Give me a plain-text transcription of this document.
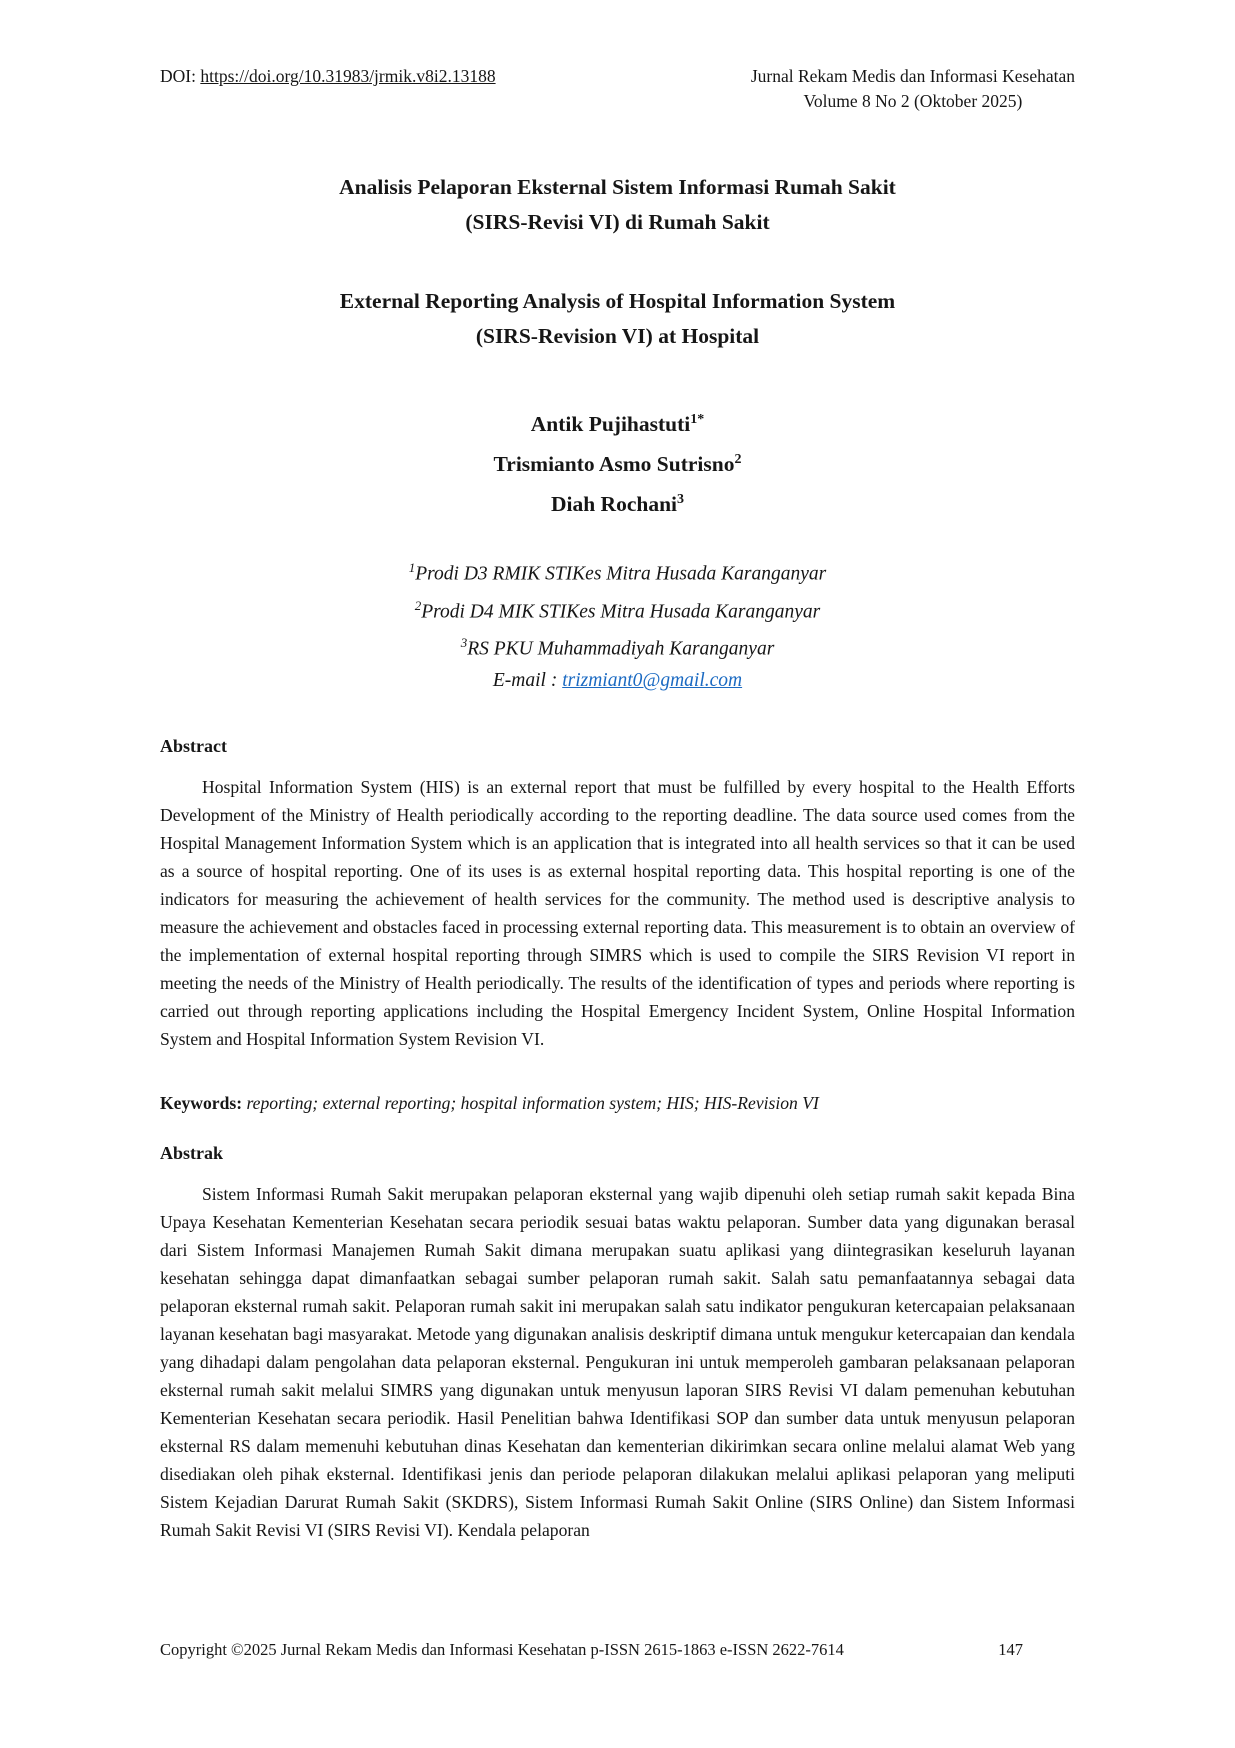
DOI: https://doi.org/10.31983/jrmik.v8i2.13188	Jurnal Rekam Medis dan Informasi Kesehatan
Volume 8 No 2 (Oktober 2025)
Analisis Pelaporan Eksternal Sistem Informasi Rumah Sakit
(SIRS-Revisi VI) di Rumah Sakit
External Reporting Analysis of Hospital Information System
(SIRS-Revision VI) at Hospital
Antik Pujihastuti$^{1*}$
Trismianto Asmo Sutrisno$^2$
Diah Rochani$^3$
$^1$Prodi D3 RMIK STIKes Mitra Husada Karanganyar
$^2$Prodi D4 MIK STIKes Mitra Husada Karanganyar
$^3$RS PKU Muhammadiyah Karanganyar
E-mail : trizmiant0@gmail.com
Abstract

Hospital Information System (HIS) is an external report that must be fulfilled by every hospital to the Health Efforts Development of the Ministry of Health periodically according to the reporting deadline. The data source used comes from the Hospital Management Information System which is an application that is integrated into all health services so that it can be used as a source of hospital reporting. One of its uses is as external hospital reporting data. This hospital reporting is one of the indicators for measuring the achievement of health services for the community. The method used is descriptive analysis to measure the achievement and obstacles faced in processing external reporting data. This measurement is to obtain an overview of the implementation of external hospital reporting through SIMRS which is used to compile the SIRS Revision VI report in meeting the needs of the Ministry of Health periodically. The results of the identification of types and periods where reporting is carried out through reporting applications including the Hospital Emergency Incident System, Online Hospital Information System and Hospital Information System Revision VI.

Keywords: reporting; external reporting; hospital information system; HIS; HIS-Revision VI
Abstrak

Sistem Informasi Rumah Sakit merupakan pelaporan eksternal yang wajib dipenuhi oleh setiap rumah sakit kepada Bina Upaya Kesehatan Kementerian Kesehatan secara periodik sesuai batas waktu pelaporan. Sumber data yang digunakan berasal dari Sistem Informasi Manajemen Rumah Sakit dimana merupakan suatu aplikasi yang diintegrasikan keseluruh layanan kesehatan sehingga dapat dimanfaatkan sebagai sumber pelaporan rumah sakit. Salah satu pemanfaatannya sebagai data pelaporan eksternal rumah sakit. Pelaporan rumah sakit ini merupakan salah satu indikator pengukuran ketercapaian pelaksanaan layanan kesehatan bagi masyarakat. Metode yang digunakan analisis deskriptif dimana untuk mengukur ketercapaian dan kendala yang dihadapi dalam pengolahan data pelaporan eksternal. Pengukuran ini untuk memperoleh gambaran pelaksanaan pelaporan eksternal rumah sakit melalui SIMRS yang digunakan untuk menyusun laporan SIRS Revisi VI dalam pemenuhan kebutuhan Kementerian Kesehatan secara periodik. Hasil Penelitian bahwa Identifikasi SOP dan sumber data untuk menyusun pelaporan eksternal RS dalam memenuhi kebutuhan dinas Kesehatan dan kementerian dikirimkan secara online melalui alamat Web yang disediakan oleh pihak eksternal. Identifikasi jenis dan periode pelaporan dilakukan melalui aplikasi pelaporan yang meliputi Sistem Kejadian Darurat Rumah Sakit (SKDRS), Sistem Informasi Rumah Sakit Online (SIRS Online) dan Sistem Informasi Rumah Sakit Revisi VI (SIRS Revisi VI). Kendala pelaporan

Copyright ©2025 Jurnal Rekam Medis dan Informasi Kesehatan p-ISSN 2615-1863 e-ISSN 2622-7614	147
